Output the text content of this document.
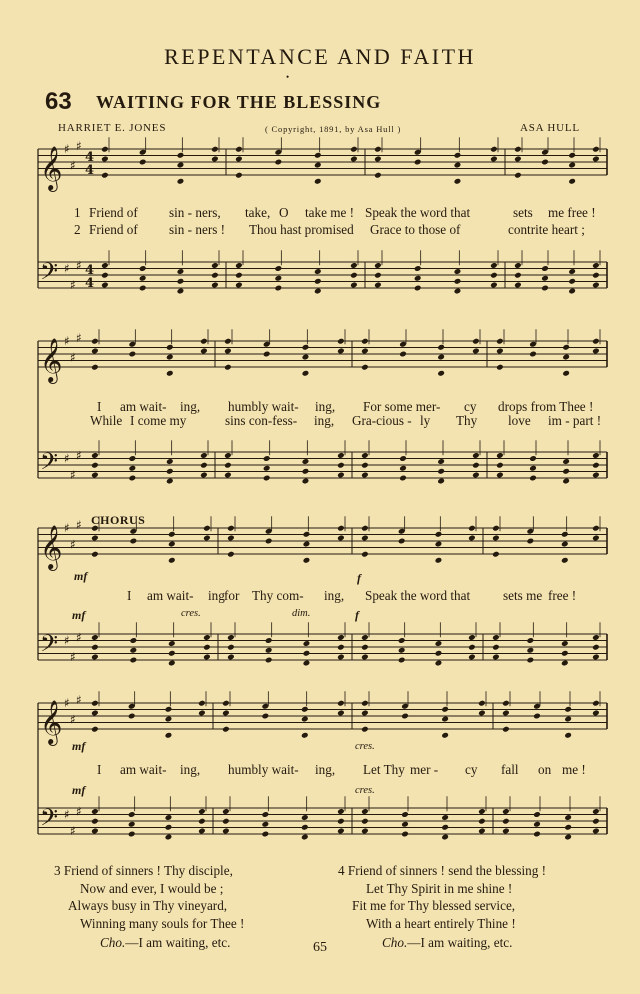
REPENTANCE AND FAITH
•
63 WAITING FOR THE BLESSING
HARRIET E. JONES	( Copyright, 1891, by Asa Hull )	ASA HULL
𝄞 ♯
♯
♯
4
4
𝄢 ♯
♯
♯ 4
4
𝄞 ♯
♯
♯
𝄢 ♯
♯
♯
𝄞 ♯
♯
♯
𝄢 ♯
♯
♯
𝄞 ♯
♯
♯
𝄢 ♯
♯
♯
1 Friend of sin - ners, take, O take me ! Speak the word that	sets me free !
2 Friend of sin - ners ! Thou hast promised Grace to those of	contrite heart ;
I am wait- ing, humbly wait- ing, For some mer- cy drops from Thee !
While I come my	sins con-fess- ing, Gra-cious - ly Thy love im - part !
CHORUS
mf	f
I am wait- ing for Thy com- ing, Speak the word that sets me free !
mf	cres.	dim.	f
mf	cres.
I am wait- ing, humbly wait- ing, Let Thy mer - cy fall on me !
mf	cres.
3 Friend of sinners ! Thy disciple,
Now and ever, I would be ;
Always busy in Thy vineyard,
Winning many souls for Thee !
Cho.—I am waiting, etc.
4 Friend of sinners ! send the blessing !
Let Thy Spirit in me shine !
Fit me for Thy blessed service,
With a heart entirely Thine !
Cho.—I am waiting, etc.
65
